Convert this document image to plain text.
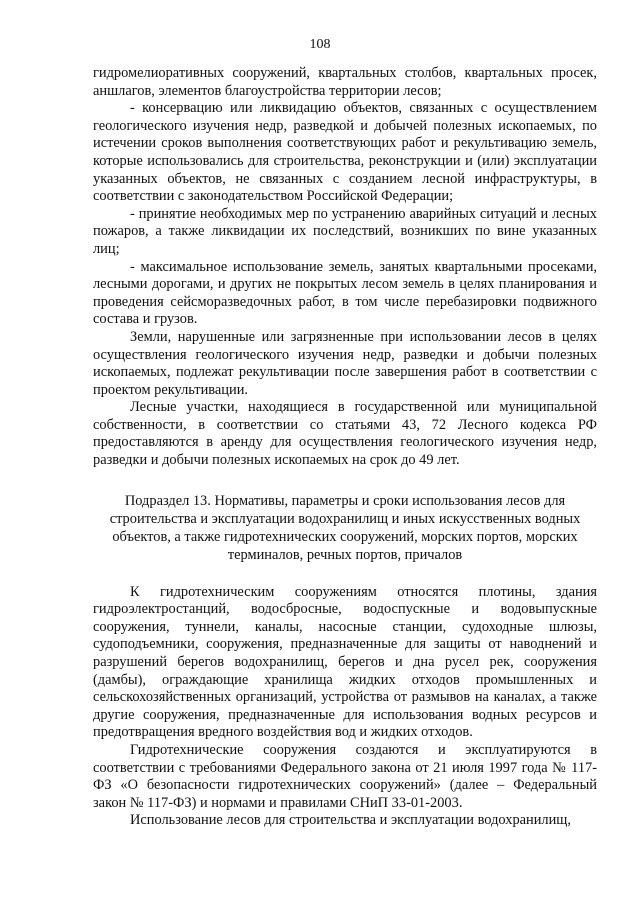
108

гидромелиоративных сооружений, квартальных столбов, квартальных просек, аншлагов, элементов благоустройства территории лесов;

- консервацию или ликвидацию объектов, связанных с осуществлением геологического изучения недр, разведкой и добычей полезных ископаемых, по истечении сроков выполнения соответствующих работ и рекультивацию земель, которые использовались для строительства, реконструкции и (или) эксплуатации указанных объектов, не связанных с созданием лесной инфраструктуры, в соответствии с законодательством Российской Федерации;

- принятие необходимых мер по устранению аварийных ситуаций и лесных пожаров, а также ликвидации их последствий, возникших по вине указанных лиц;

- максимальное использование земель, занятых квартальными просеками, лесными дорогами, и других не покрытых лесом земель в целях планирования и проведения сейсморазведочных работ, в том числе перебазировки подвижного состава и грузов.

Земли, нарушенные или загрязненные при использовании лесов в целях осуществления геологического изучения недр, разведки и добычи полезных ископаемых, подлежат рекультивации после завершения работ в соответствии с проектом рекультивации.

Лесные участки, находящиеся в государственной или муниципальной собственности, в соответствии со статьями 43, 72 Лесного кодекса РФ предоставляются в аренду для осуществления геологического изучения недр, разведки и добычи полезных ископаемых на срок до 49 лет.

Подраздел 13. Нормативы, параметры и сроки использования лесов для строительства и эксплуатации водохранилищ и иных искусственных водных объектов, а также гидротехнических сооружений, морских портов, морских терминалов, речных портов, причалов

К гидротехническим сооружениям относятся плотины, здания гидроэлектростанций, водосбросные, водоспускные и водовыпускные сооружения, туннели, каналы, насосные станции, судоходные шлюзы, судоподъемники, сооружения, предназначенные для защиты от наводнений и разрушений берегов водохранилищ, берегов и дна русел рек, сооружения (дамбы), ограждающие хранилища жидких отходов промышленных и сельскохозяйственных организаций, устройства от размывов на каналах, а также другие сооружения, предназначенные для использования водных ресурсов и предотвращения вредного воздействия вод и жидких отходов.

Гидротехнические сооружения создаются и эксплуатируются в соответствии с требованиями Федерального закона от 21 июля 1997 года № 117-ФЗ «О безопасности гидротехнических сооружений» (далее – Федеральный закон № 117-ФЗ) и нормами и правилами СНиП 33-01-2003.

Использование лесов для строительства и эксплуатации водохранилищ,
